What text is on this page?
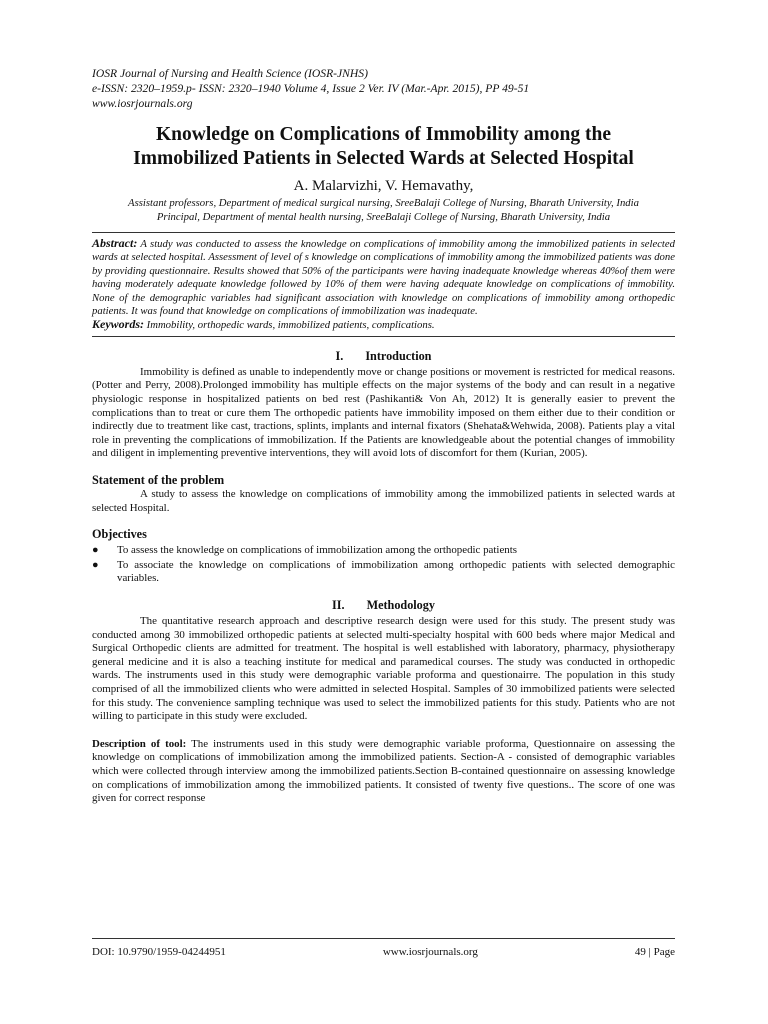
IOSR Journal of Nursing and Health Science (IOSR-JNHS)

e-ISSN: 2320–1959.p- ISSN: 2320–1940 Volume 4, Issue 2 Ver. IV (Mar.-Apr. 2015), PP 49-51

www.iosrjournals.org

Knowledge on Complications of Immobility among the
Immobilized Patients in Selected Wards at Selected Hospital

A. Malarvizhi, V. Hemavathy,

Assistant professors, Department of medical surgical nursing, SreeBalaji College of Nursing, Bharath University, India

Principal, Department of mental health nursing, SreeBalaji College of Nursing, Bharath University, India

Abstract: A study was conducted to assess the knowledge on complications of immobility among the immobilized patients in selected wards at selected hospital. Assessment of level of s knowledge on complications of immobility among the immobilized patients was done by providing questionnaire. Results showed that 50% of the participants were having inadequate knowledge whereas 40%of them were having moderately adequate knowledge followed by 10% of them were having adequate knowledge on complications of immobility. None of the demographic variables had significant association with knowledge on complications of immobility among orthopedic patients. It was found that knowledge on complications of immobilization was inadequate.

Keywords: Immobility, orthopedic wards, immobilized patients, complications.

I. Introduction

Immobility is defined as unable to independently move or change positions or movement is restricted for medical reasons. (Potter and Perry, 2008).Prolonged immobility has multiple effects on the major systems of the body and can result in a negative physiologic response in hospitalized patients on bed rest (Pashikanti& Von Ah, 2012) It is generally easier to prevent the complications than to treat or cure them The orthopedic patients have immobility imposed on them either due to their condition or indirectly due to treatment like cast, tractions, splints, implants and internal fixators (Shehata&Wehwida, 2008). Patients play a vital role in preventing the complications of immobilization. If the Patients are knowledgeable about the potential changes of immobility and diligent in implementing preventive interventions, they will avoid lots of discomfort for them (Kurian, 2005).

Statement of the problem

A study to assess the knowledge on complications of immobility among the immobilized patients in selected wards at selected Hospital.

Objectives
● To assess the knowledge on complications of immobilization among the orthopedic patients
● To associate the knowledge on complications of immobilization among orthopedic patients with selected demographic variables.
II. Methodology

The quantitative research approach and descriptive research design were used for this study. The present study was conducted among 30 immobilized orthopedic patients at selected multi-specialty hospital with 600 beds where major Medical and Surgical Orthopedic clients are admitted for treatment. The hospital is well established with laboratory, pharmacy, physiotherapy general medicine and it is also a teaching institute for medical and paramedical courses. The study was conducted in orthopedic wards. The instruments used in this study were demographic variable proforma and questionairre. The population in this study comprised of all the immobilized clients who were admitted in selected Hospital. Samples of 30 immobilized patients were selected for this study. The convenience sampling technique was used to select the immobilized patients for this study. Patients who are not willing to participate in this study were excluded.

Description of tool: The instruments used in this study were demographic variable proforma, Questionnaire on assessing the knowledge on complications of immobilization among the immobilized patients. Section-A - consisted of demographic variables which were collected through interview among the immobilized patients.Section B-contained questionnaire on assessing knowledge on complications of immobilization among the immobilized patients. It consisted of twenty five questions.. The score of one was given for correct response

DOI: 10.9790/1959-04244951	www.iosrjournals.org	49 | Page
